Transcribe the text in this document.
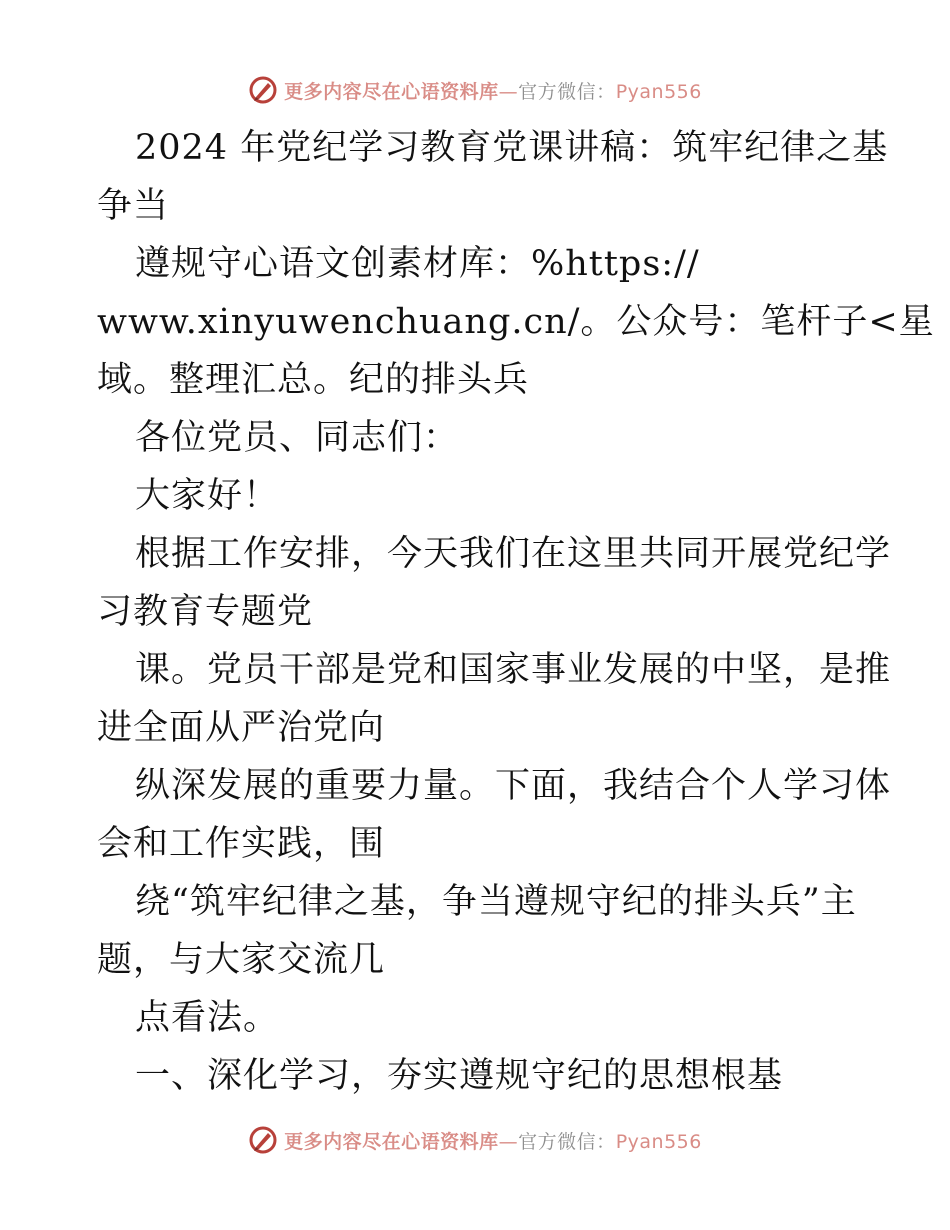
更多内容尽在心语资料库—官方微信：Pyan556
2024 年党纪学习教育党课讲稿：筑牢纪律之基
争当
遵规守心语文创素材库：%https://
www.xinyuwenchuang.cn/。公众号：笔杆子<星
域。整理汇总。纪的排头兵
各位党员、同志们：
大家好！
根据工作安排，今天我们在这里共同开展党纪学
习教育专题党
课。党员干部是党和国家事业发展的中坚，是推
进全面从严治党向
纵深发展的重要力量。下面，我结合个人学习体
会和工作实践，围
绕“筑牢纪律之基，争当遵规守纪的排头兵”主
题，与大家交流几
点看法。
一、深化学习，夯实遵规守纪的思想根基
更多内容尽在心语资料库—官方微信：Pyan556
